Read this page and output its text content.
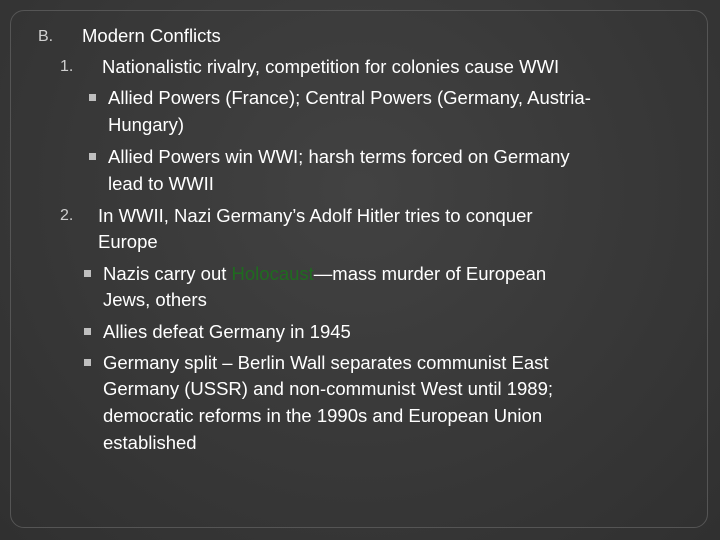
B. Modern Conflicts
1. Nationalistic rivalry, competition for colonies cause WWI
Allied Powers (France); Central Powers (Germany, Austria-
Hungary)
Allied Powers win WWI; harsh terms forced on Germany
lead to WWII
2. In WWII, Nazi Germany’s Adolf Hitler tries to conquer
Europe
Nazis carry out Holocaust—mass murder of European
Jews, others
Allies defeat Germany in 1945
Germany split – Berlin Wall separates communist East
Germany (USSR) and non-communist West until 1989;
democratic reforms in the 1990s and European Union
established
